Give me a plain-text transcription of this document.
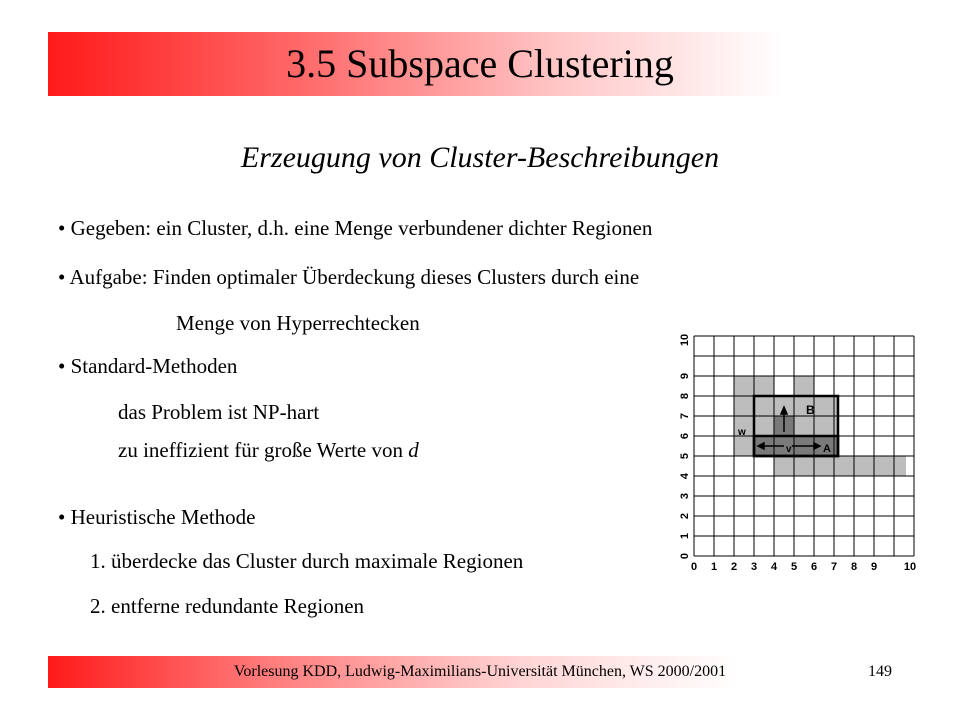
3.5 Subspace Clustering
Erzeugung von Cluster-Beschreibungen
• Gegeben: ein Cluster, d.h. eine Menge verbundener dichter Regionen
• Aufgabe: Finden optimaler Überdeckung dieses Clusters durch eine
Menge von Hyperrechtecken
• Standard-Methoden
das Problem ist NP-hart
zu ineffizient für große Werte von d
• Heuristische Methode
1. überdecke das Cluster durch maximale Regionen
2. entferne redundante Regionen
B
A
v
w
0 1 2 3 4 5 6 7 8 9 10
0
1
2
3
4
5
6
7
8
9
10
Vorlesung KDD, Ludwig-Maximilians-Universität München, WS 2000/2001	149
